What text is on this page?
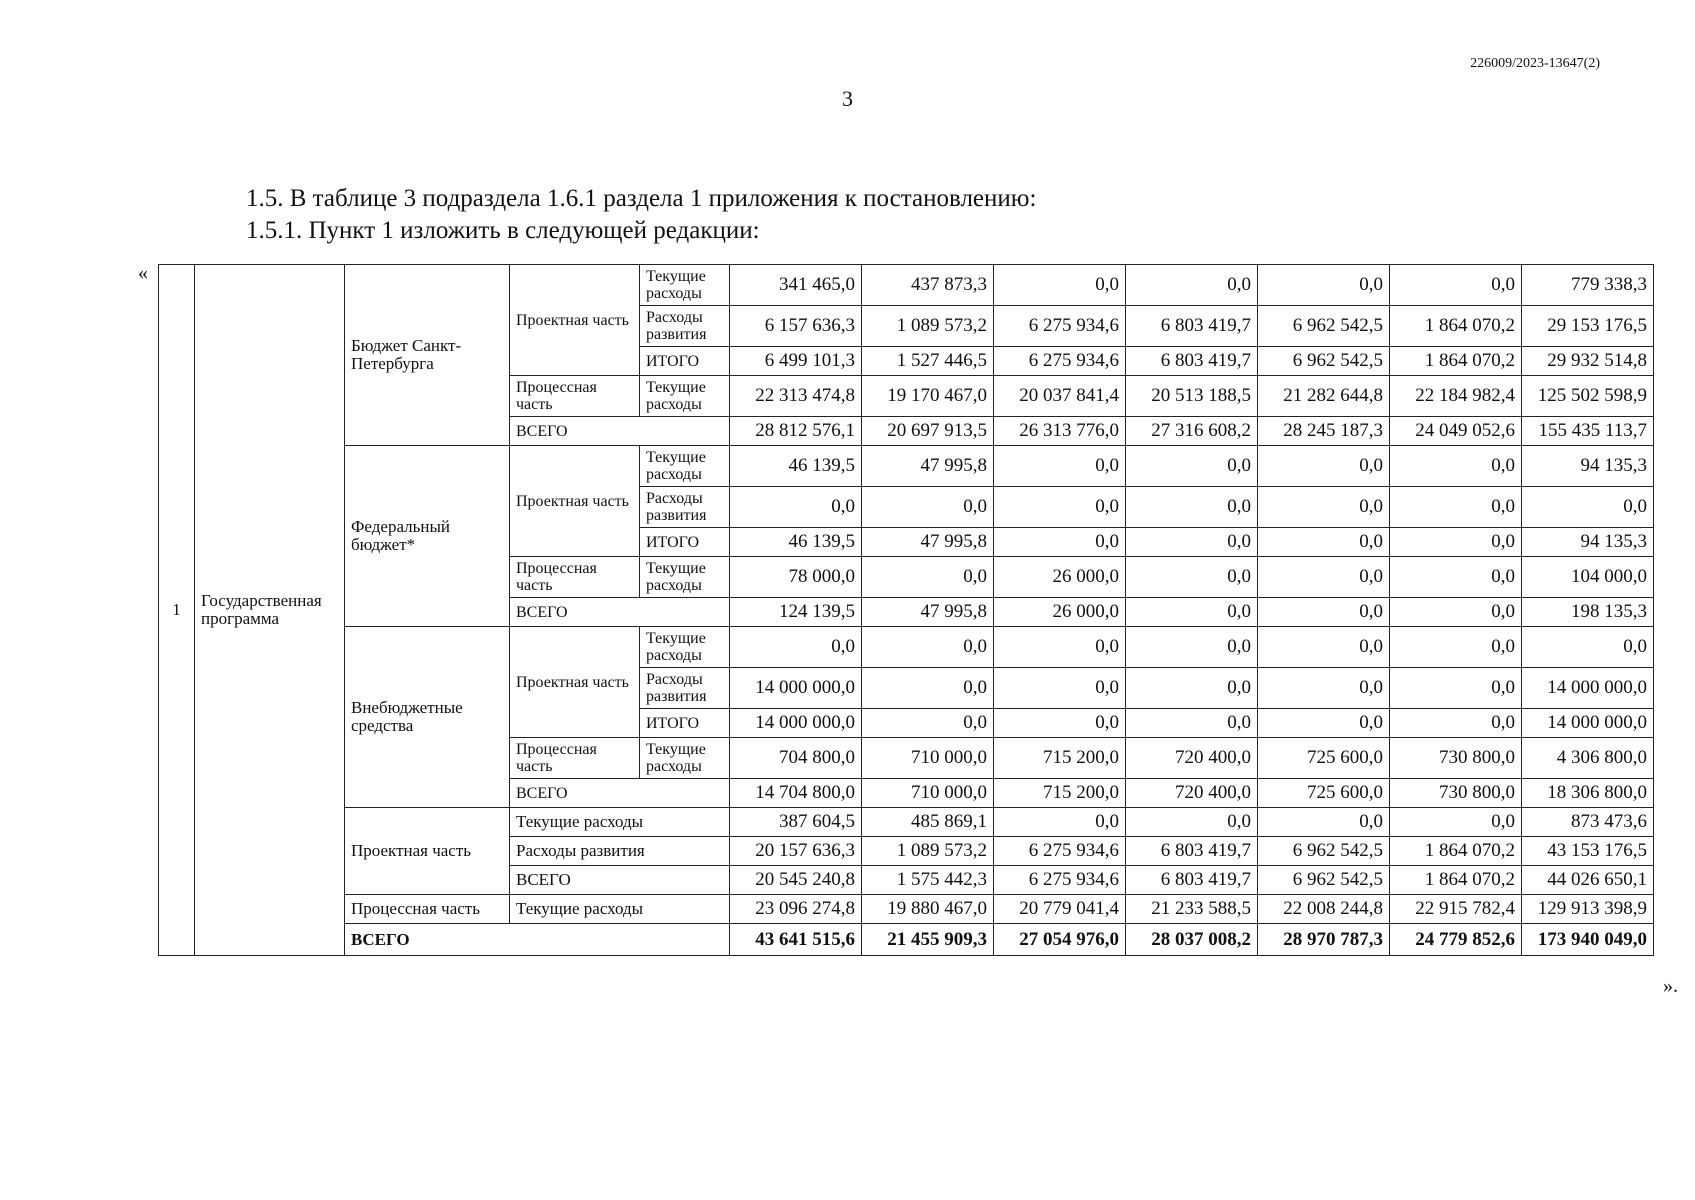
226009/2023-13647(2)
3
1.5. В таблице 3 подраздела 1.6.1 раздела 1 приложения к постановлению:
1.5.1. Пункт 1 изложить в следующей редакции:
«
».
1	Государственная программа	Бюджет Санкт-Петербурга	Проектная часть	Текущие расходы	341 465,0	437 873,3	0,0	0,0	0,0	0,0	779 338,3
				Расходы развития	6 157 636,3	1 089 573,2	6 275 934,6	6 803 419,7	6 962 542,5	1 864 070,2	29 153 176,5
				ИТОГО	6 499 101,3	1 527 446,5	6 275 934,6	6 803 419,7	6 962 542,5	1 864 070,2	29 932 514,8
			Процессная часть	Текущие расходы	22 313 474,8	19 170 467,0	20 037 841,4	20 513 188,5	21 282 644,8	22 184 982,4	125 502 598,9
			ВСЕГО		28 812 576,1	20 697 913,5	26 313 776,0	27 316 608,2	28 245 187,3	24 049 052,6	155 435 113,7
		Федеральный бюджет*	Проектная часть	Текущие расходы	46 139,5	47 995,8	0,0	0,0	0,0	0,0	94 135,3
				Расходы развития	0,0	0,0	0,0	0,0	0,0	0,0	0,0
				ИТОГО	46 139,5	47 995,8	0,0	0,0	0,0	0,0	94 135,3
			Процессная часть	Текущие расходы	78 000,0	0,0	26 000,0	0,0	0,0	0,0	104 000,0
			ВСЕГО		124 139,5	47 995,8	26 000,0	0,0	0,0	0,0	198 135,3
		Внебюджетные средства	Проектная часть	Текущие расходы	0,0	0,0	0,0	0,0	0,0	0,0	0,0
				Расходы развития	14 000 000,0	0,0	0,0	0,0	0,0	0,0	14 000 000,0
				ИТОГО	14 000 000,0	0,0	0,0	0,0	0,0	0,0	14 000 000,0
			Процессная часть	Текущие расходы	704 800,0	710 000,0	715 200,0	720 400,0	725 600,0	730 800,0	4 306 800,0
			ВСЕГО		14 704 800,0	710 000,0	715 200,0	720 400,0	725 600,0	730 800,0	18 306 800,0
		Проектная часть	Текущие расходы		387 604,5	485 869,1	0,0	0,0	0,0	0,0	873 473,6
			Расходы развития		20 157 636,3	1 089 573,2	6 275 934,6	6 803 419,7	6 962 542,5	1 864 070,2	43 153 176,5
			ВСЕГО		20 545 240,8	1 575 442,3	6 275 934,6	6 803 419,7	6 962 542,5	1 864 070,2	44 026 650,1
		Процессная часть	Текущие расходы		23 096 274,8	19 880 467,0	20 779 041,4	21 233 588,5	22 008 244,8	22 915 782,4	129 913 398,9
		ВСЕГО			43 641 515,6	21 455 909,3	27 054 976,0	28 037 008,2	28 970 787,3	24 779 852,6	173 940 049,0
